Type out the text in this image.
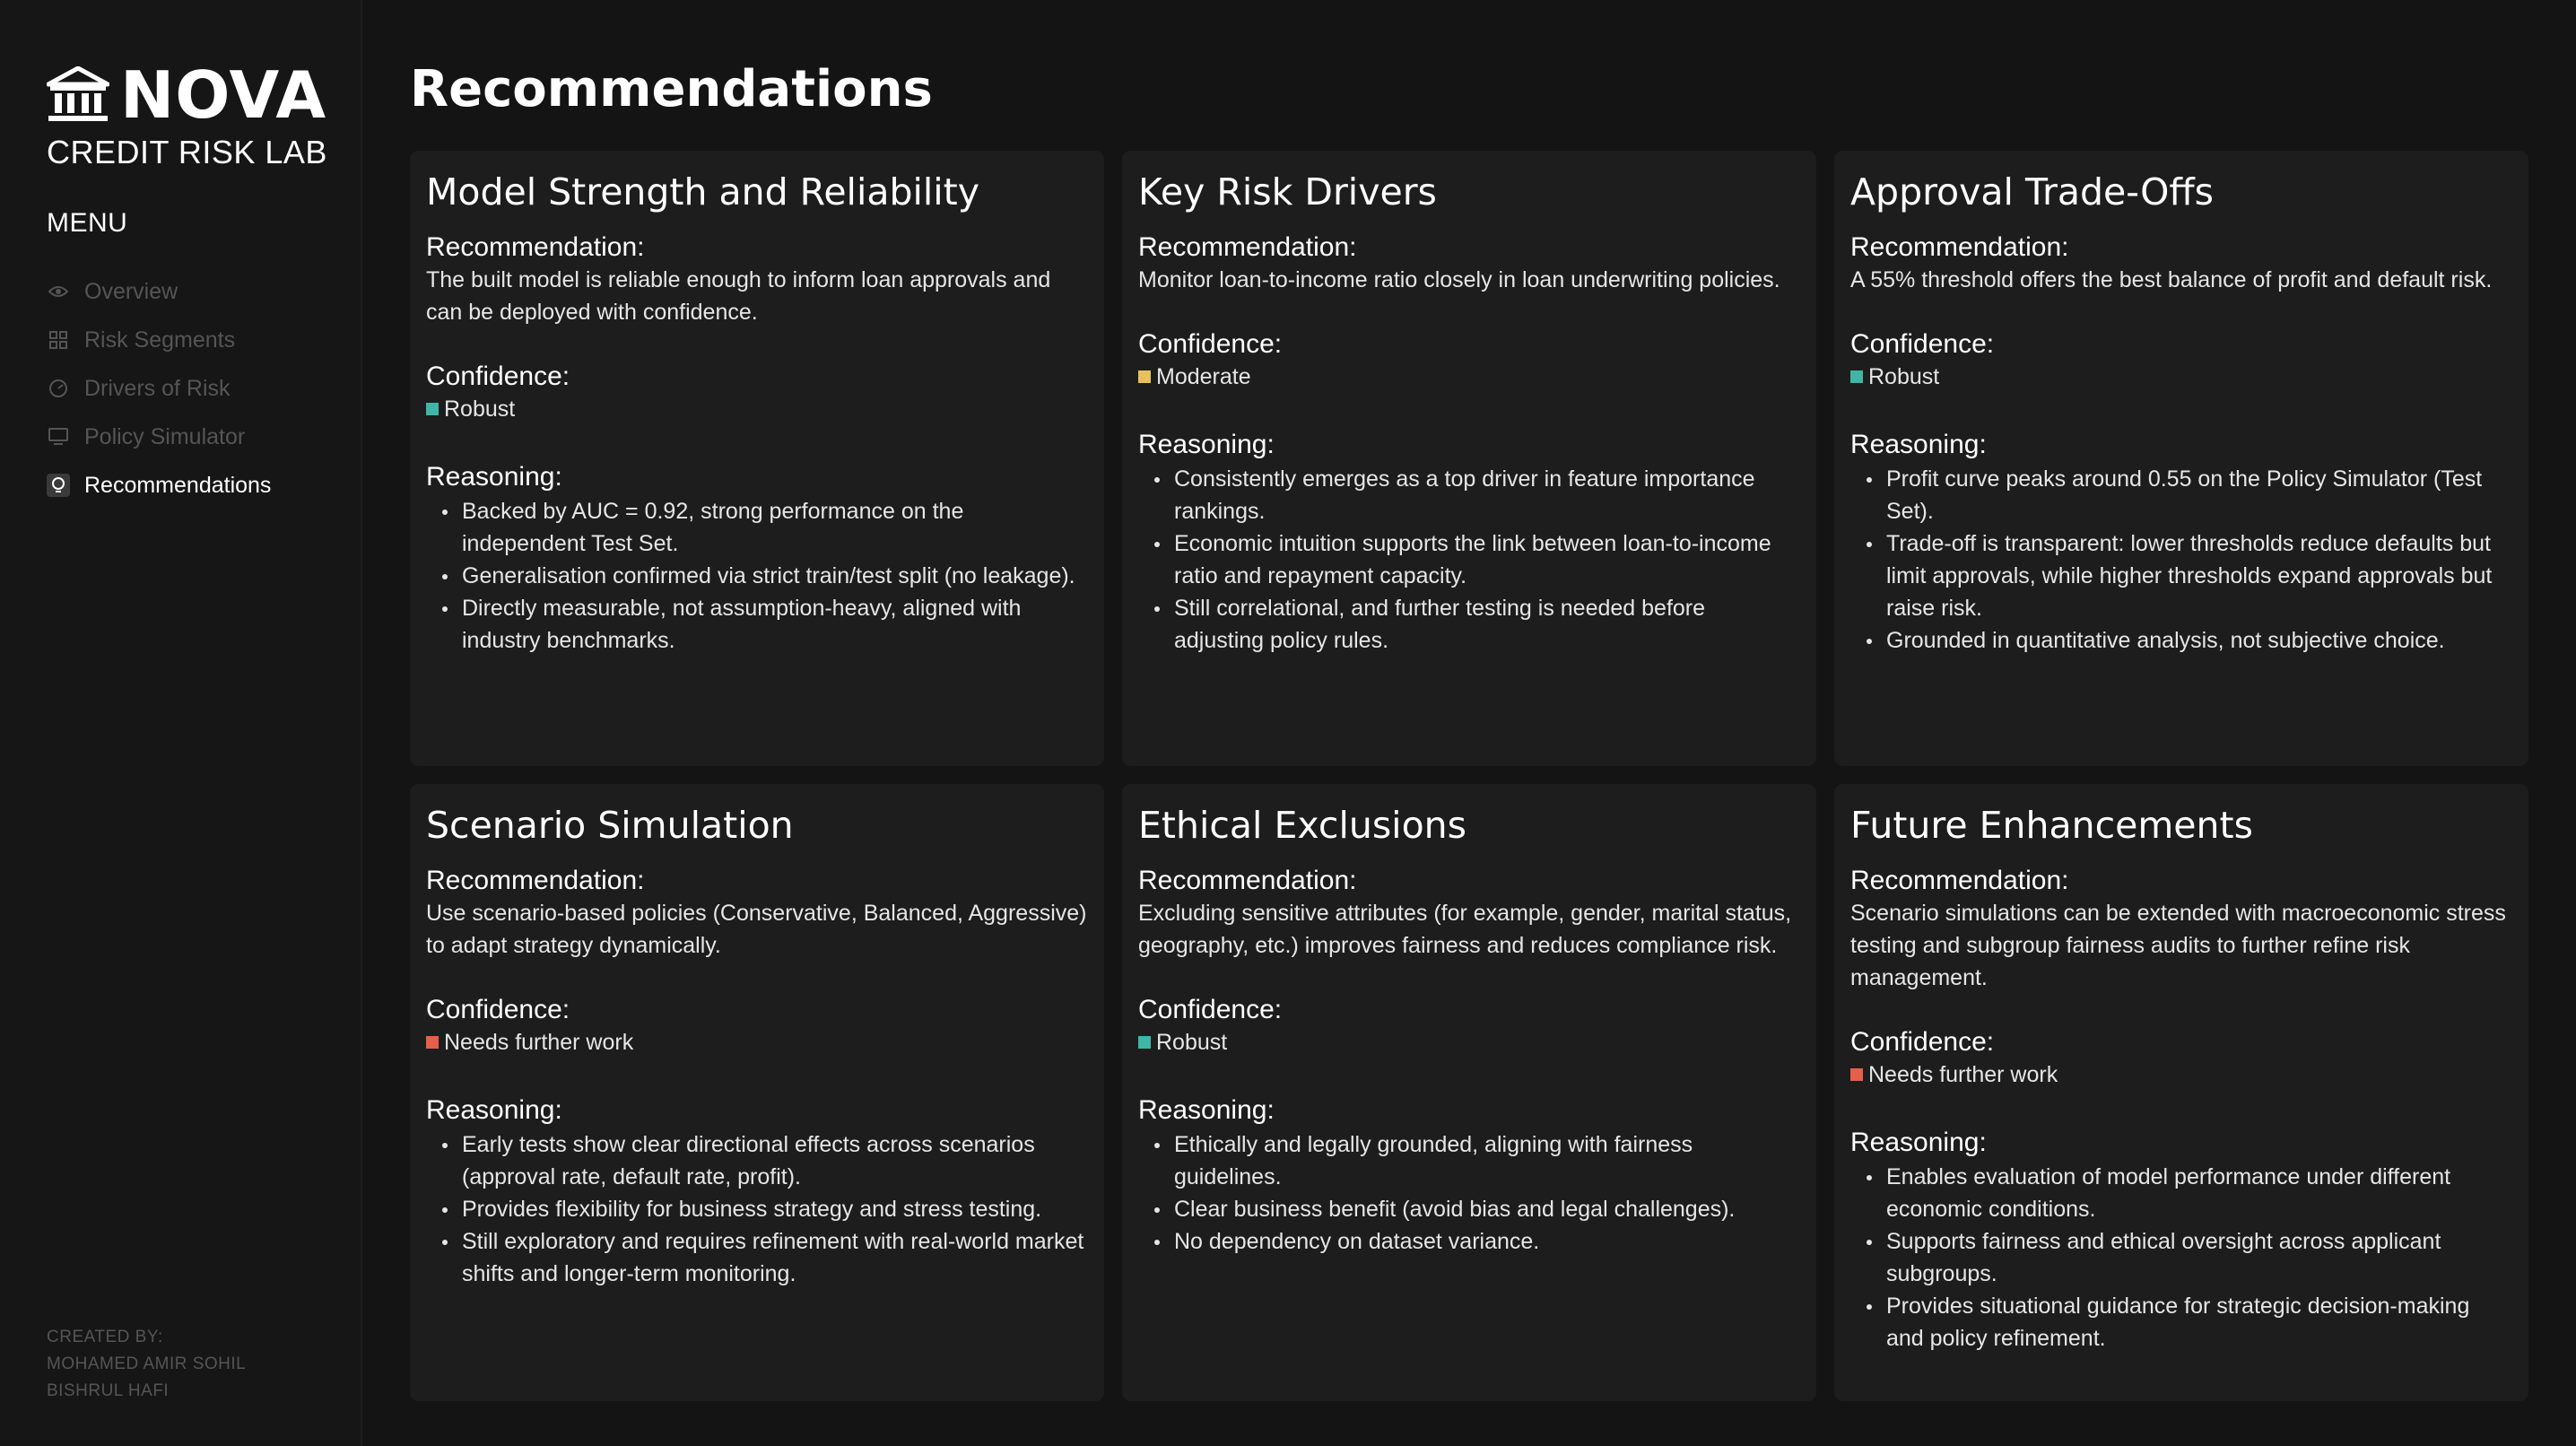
NOVA
CREDIT RISK LAB
MENU
Overview
Risk Segments
Drivers of Risk
Policy Simulator
Recommendations
CREATED BY:
MOHAMED AMIR SOHIL
BISHRUL HAFI
Recommendations
Model Strength and Reliability
Recommendation:
The built model is reliable enough to inform loan approvals and can be deployed with confidence.
Confidence:
Robust
Reasoning:
Backed by AUC = 0.92, strong performance on the independent Test Set.
Generalisation confirmed via strict train/test split (no leakage).
Directly measurable, not assumption-heavy, aligned with industry benchmarks.
Key Risk Drivers
Recommendation:
Monitor loan-to-income ratio closely in loan underwriting policies.
Confidence:
Moderate
Reasoning:
Consistently emerges as a top driver in feature importance rankings.
Economic intuition supports the link between loan-to-income ratio and repayment capacity.
Still correlational, and further testing is needed before adjusting policy rules.
Approval Trade-Offs
Recommendation:
A 55% threshold offers the best balance of profit and default risk.
Confidence:
Robust
Reasoning:
Profit curve peaks around 0.55 on the Policy Simulator (Test Set).
Trade-off is transparent: lower thresholds reduce defaults but limit approvals, while higher thresholds expand approvals but raise risk.
Grounded in quantitative analysis, not subjective choice.
Scenario Simulation
Recommendation:
Use scenario-based policies (Conservative, Balanced, Aggressive) to adapt strategy dynamically.
Confidence:
Needs further work
Reasoning:
Early tests show clear directional effects across scenarios (approval rate, default rate, profit).
Provides flexibility for business strategy and stress testing.
Still exploratory and requires refinement with real-world market shifts and longer-term monitoring.
Ethical Exclusions
Recommendation:
Excluding sensitive attributes (for example, gender, marital status, geography, etc.) improves fairness and reduces compliance risk.
Confidence:
Robust
Reasoning:
Ethically and legally grounded, aligning with fairness guidelines.
Clear business benefit (avoid bias and legal challenges).
No dependency on dataset variance.
Future Enhancements
Recommendation:
Scenario simulations can be extended with macroeconomic stress testing and subgroup fairness audits to further refine risk management.
Confidence:
Needs further work
Reasoning:
Enables evaluation of model performance under different economic conditions.
Supports fairness and ethical oversight across applicant subgroups.
Provides situational guidance for strategic decision-making and policy refinement.
